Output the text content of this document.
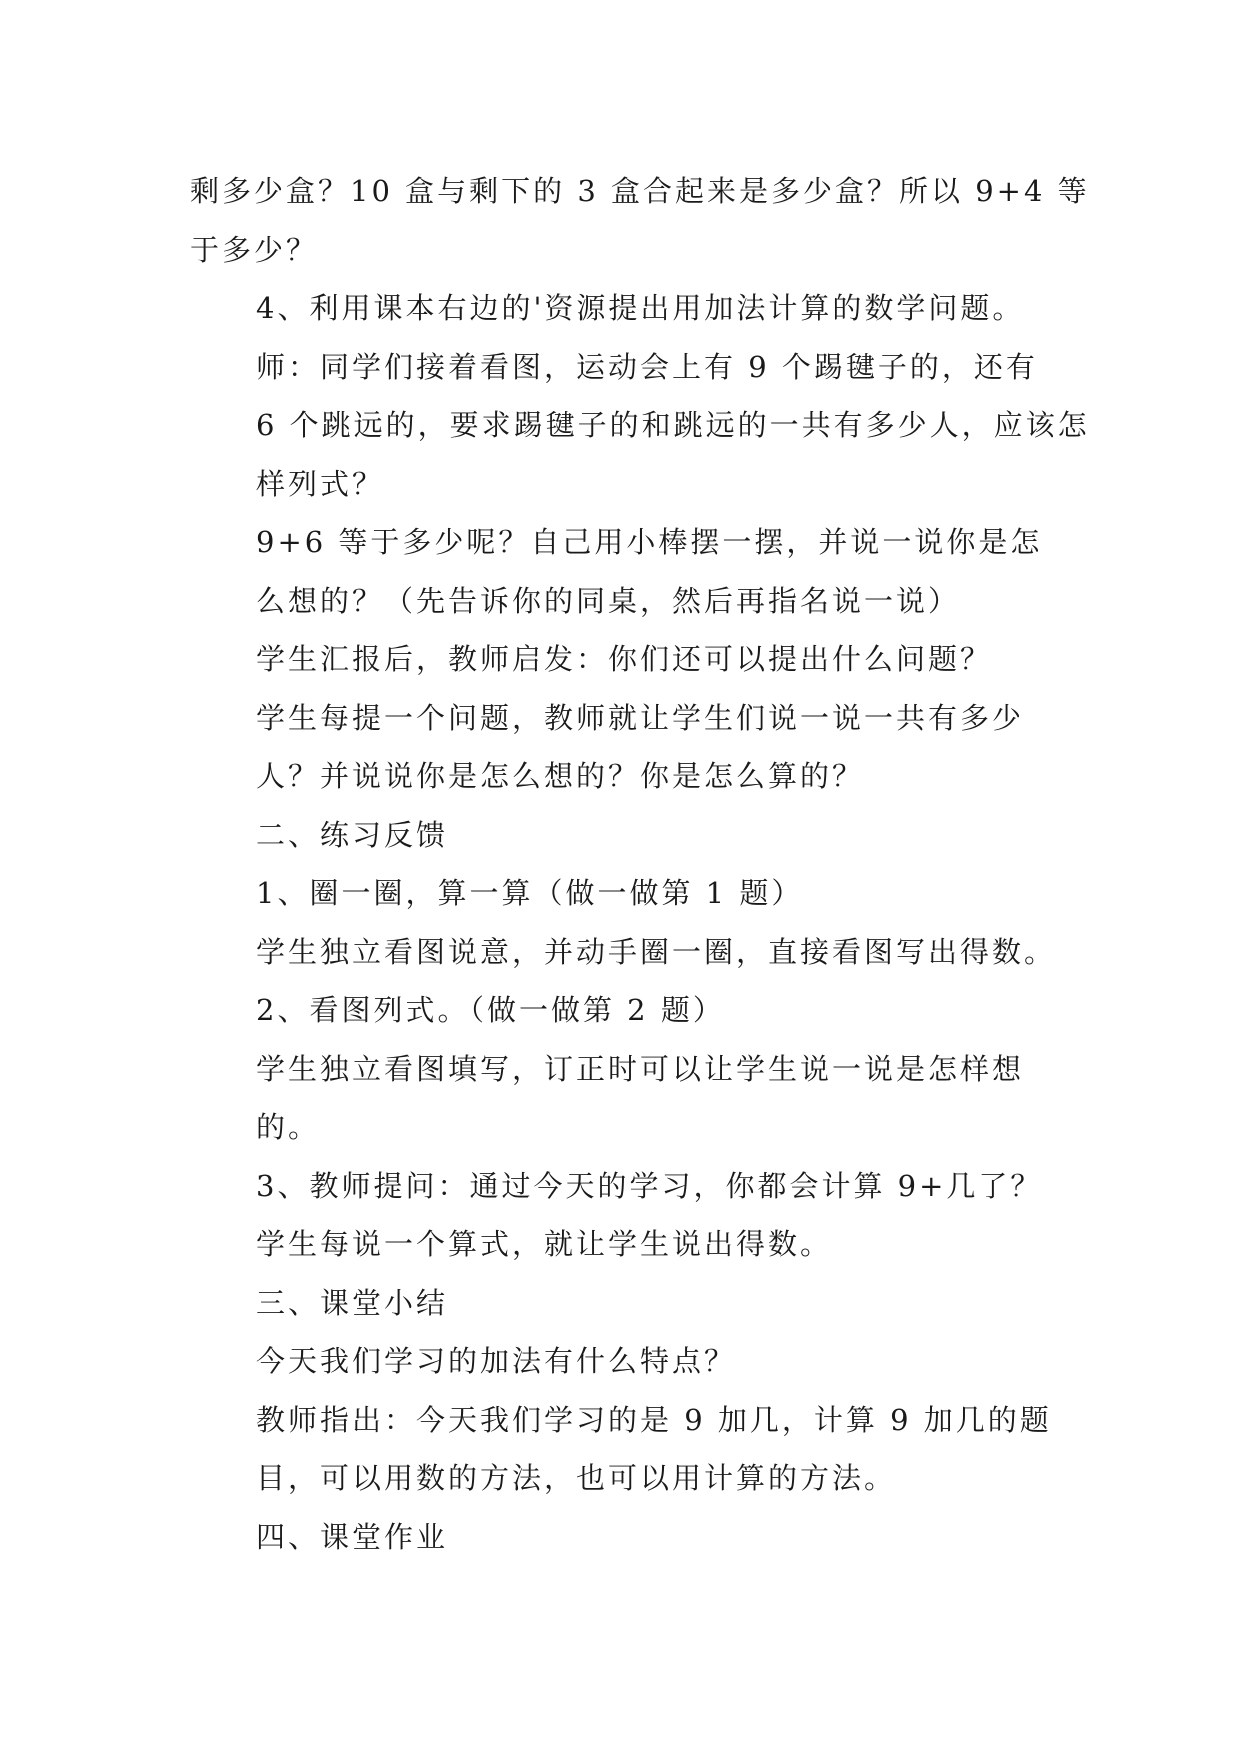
剩多少盒？10 盒与剩下的 3 盒合起来是多少盒？所以 9+4 等
于多少？

4、利用课本右边的'资源提出用加法计算的数学问题。

师：同学们接着看图，运动会上有 9 个踢毽子的，还有
6 个跳远的，要求踢毽子的和跳远的一共有多少人，应该怎
样列式？

9+6 等于多少呢？自己用小棒摆一摆，并说一说你是怎
么想的？（先告诉你的同桌，然后再指名说一说）

学生汇报后，教师启发：你们还可以提出什么问题？

学生每提一个问题，教师就让学生们说一说一共有多少
人？并说说你是怎么想的？你是怎么算的？

二、练习反馈

1、圈一圈，算一算（做一做第 1 题）

学生独立看图说意，并动手圈一圈，直接看图写出得数。

2、看图列式。（做一做第 2 题）

学生独立看图填写，订正时可以让学生说一说是怎样想
的。

3、教师提问：通过今天的学习，你都会计算 9+几了？

学生每说一个算式，就让学生说出得数。

三、课堂小结

今天我们学习的加法有什么特点？

教师指出：今天我们学习的是 9 加几，计算 9 加几的题
目，可以用数的方法，也可以用计算的方法。

四、课堂作业
